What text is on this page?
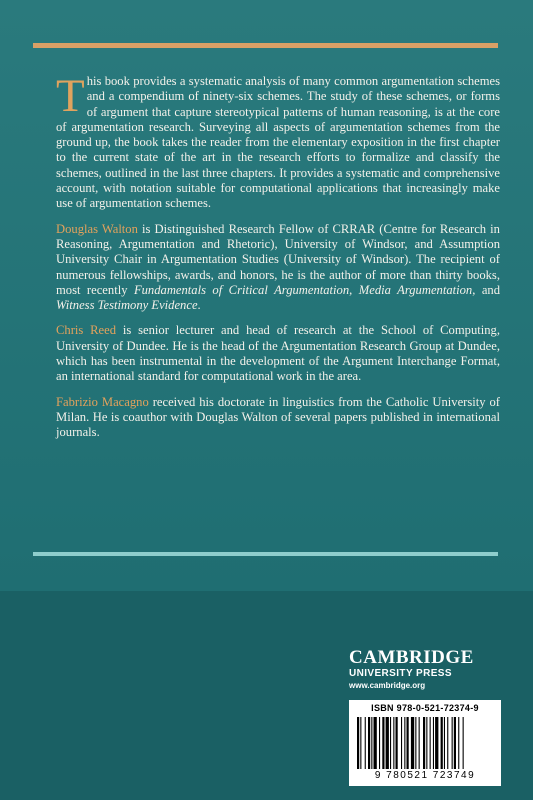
This book provides a systematic analysis of many common argumentation schemes and a compendium of ninety-six schemes. The study of these schemes, or forms of argument that capture stereotypical patterns of human reasoning, is at the core of argumentation research. Surveying all aspects of argumentation schemes from the ground up, the book takes the reader from the elementary exposition in the first chapter to the current state of the art in the research efforts to formalize and classify the schemes, outlined in the last three chapters. It provides a systematic and comprehensive account, with notation suitable for computational applications that increasingly make use of argumentation schemes.

Douglas Walton is Distinguished Research Fellow of CRRAR (Centre for Research in Reasoning, Argumentation and Rhetoric), University of Windsor, and Assumption University Chair in Argumentation Studies (University of Windsor). The recipient of numerous fellowships, awards, and honors, he is the author of more than thirty books, most recently Fundamentals of Critical Argumentation, Media Argumentation, and Witness Testimony Evidence.

Chris Reed is senior lecturer and head of research at the School of Computing, University of Dundee. He is the head of the Argumentation Research Group at Dundee, which has been instrumental in the development of the Argument Interchange Format, an international standard for computational work in the area.

Fabrizio Macagno received his doctorate in linguistics from the Catholic University of Milan. He is coauthor with Douglas Walton of several papers published in international journals.

CAMBRIDGE
UNIVERSITY PRESS
www.cambridge.org
ISBN 978-0-521-72374-9
9 780521 723749
